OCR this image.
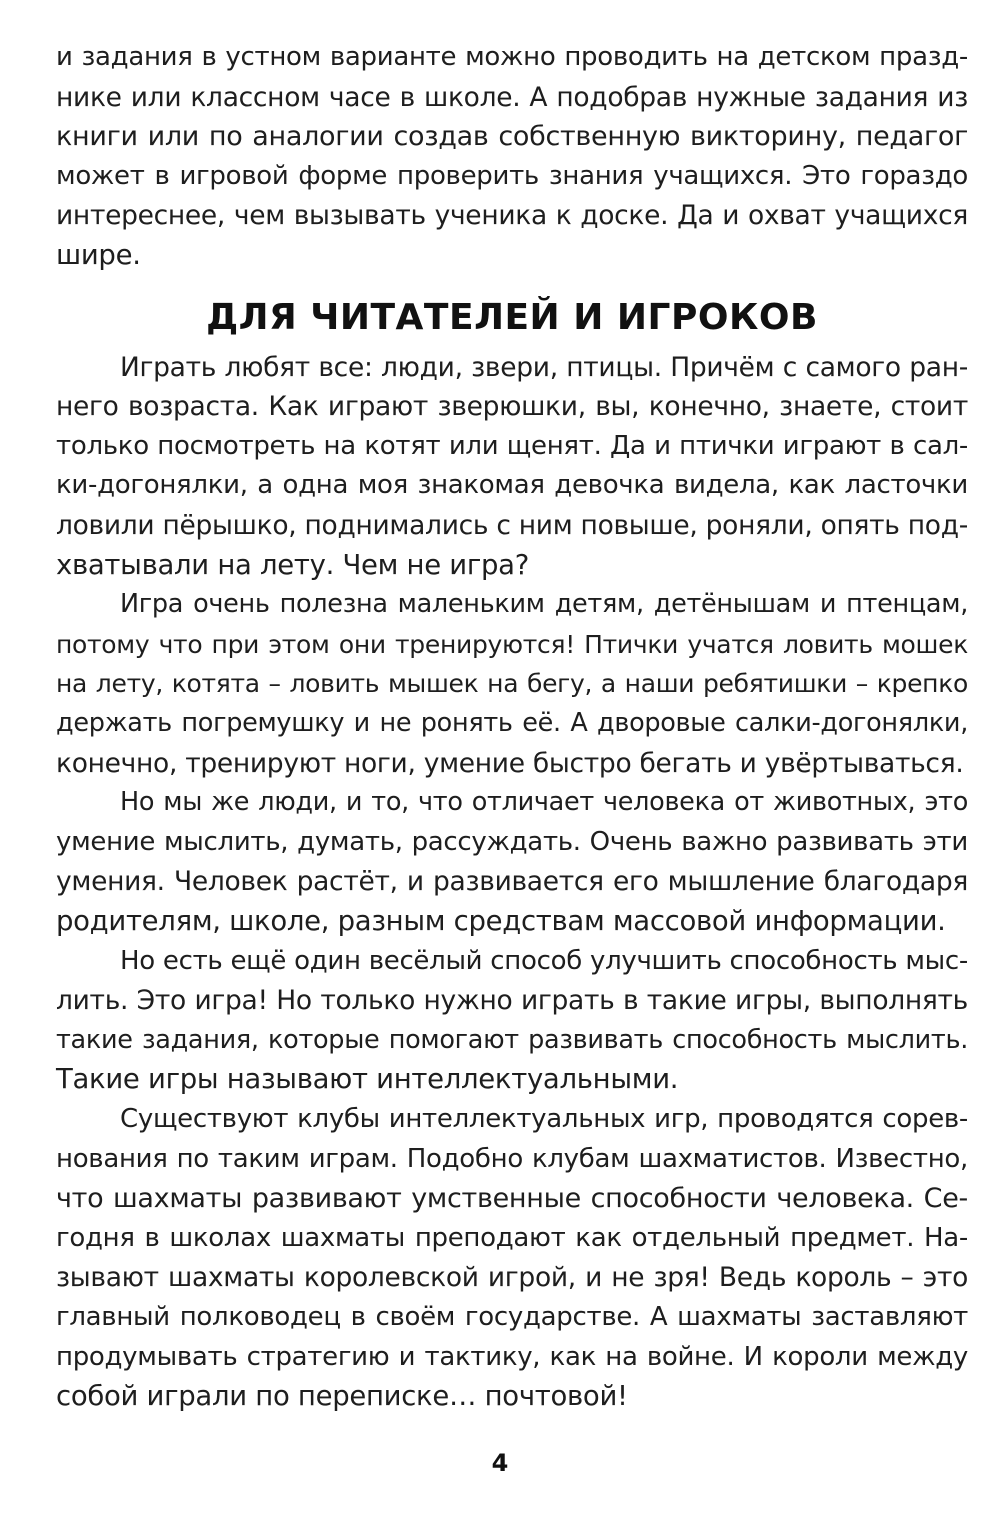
и задания в устном варианте можно проводить на детском празд-
нике или классном часе в школе. А подобрав нужные задания из
книги или по аналогии создав собственную викторину, педагог
может в игровой форме проверить знания учащихся. Это гораздо
интереснее, чем вызывать ученика к доске. Да и охват учащихся
шире.
ДЛЯ ЧИТАТЕЛЕЙ И ИГРОКОВ
Играть любят все: люди, звери, птицы. Причём с самого ран-
него возраста. Как играют зверюшки, вы, конечно, знаете, стоит
только посмотреть на котят или щенят. Да и птички играют в сал-
ки-догонялки, а одна моя знакомая девочка видела, как ласточки
ловили пёрышко, поднимались с ним повыше, роняли, опять под-
хватывали на лету. Чем не игра?
Игра очень полезна маленьким детям, детёнышам и птенцам,
потому что при этом они тренируются! Птички учатся ловить мошек
на лету, котята – ловить мышек на бегу, а наши ребятишки – крепко
держать погремушку и не ронять её. А дворовые салки-догонялки,
конечно, тренируют ноги, умение быстро бегать и увёртываться.
Но мы же люди, и то, что отличает человека от животных, это
умение мыслить, думать, рассуждать. Очень важно развивать эти
умения. Человек растёт, и развивается его мышление благодаря
родителям, школе, разным средствам массовой информации.
Но есть ещё один весёлый способ улучшить способность мыс-
лить. Это игра! Но только нужно играть в такие игры, выполнять
такие задания, которые помогают развивать способность мыслить.
Такие игры называют интеллектуальными.
Существуют клубы интеллектуальных игр, проводятся сорев-
нования по таким играм. Подобно клубам шахматистов. Известно,
что шахматы развивают умственные способности человека. Се-
годня в школах шахматы преподают как отдельный предмет. На-
зывают шахматы королевской игрой, и не зря! Ведь король – это
главный полководец в своём государстве. А шахматы заставляют
продумывать стратегию и тактику, как на войне. И короли между
собой играли по переписке… почтовой!
4
